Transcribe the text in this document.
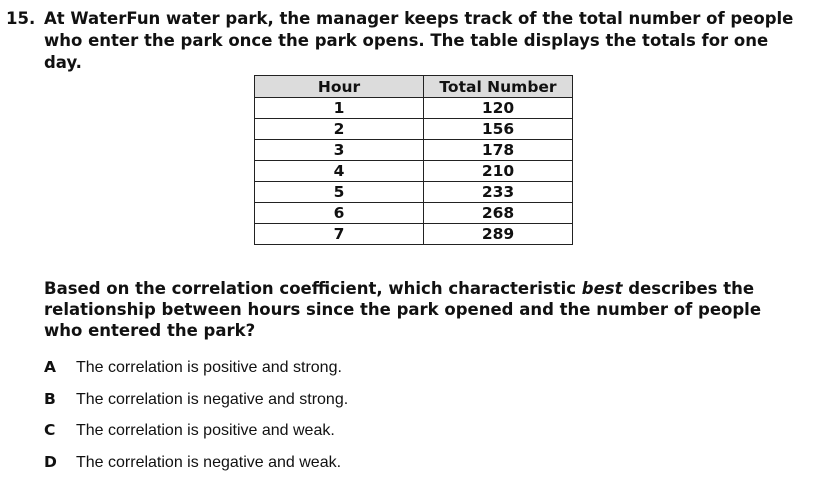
15. At WaterFun water park, the manager keeps track of the total number of people who enter the park once the park opens. The table displays the totals for one day.
Hour	Total Number
1	120
2	156
3	178
4	210
5	233
6	268
7	289
Based on the correlation coefficient, which characteristic best describes the relationship between hours since the park opened and the number of people who entered the park?
A	The correlation is positive and strong.
B	The correlation is negative and strong.
C	The correlation is positive and weak.
D	The correlation is negative and weak.
